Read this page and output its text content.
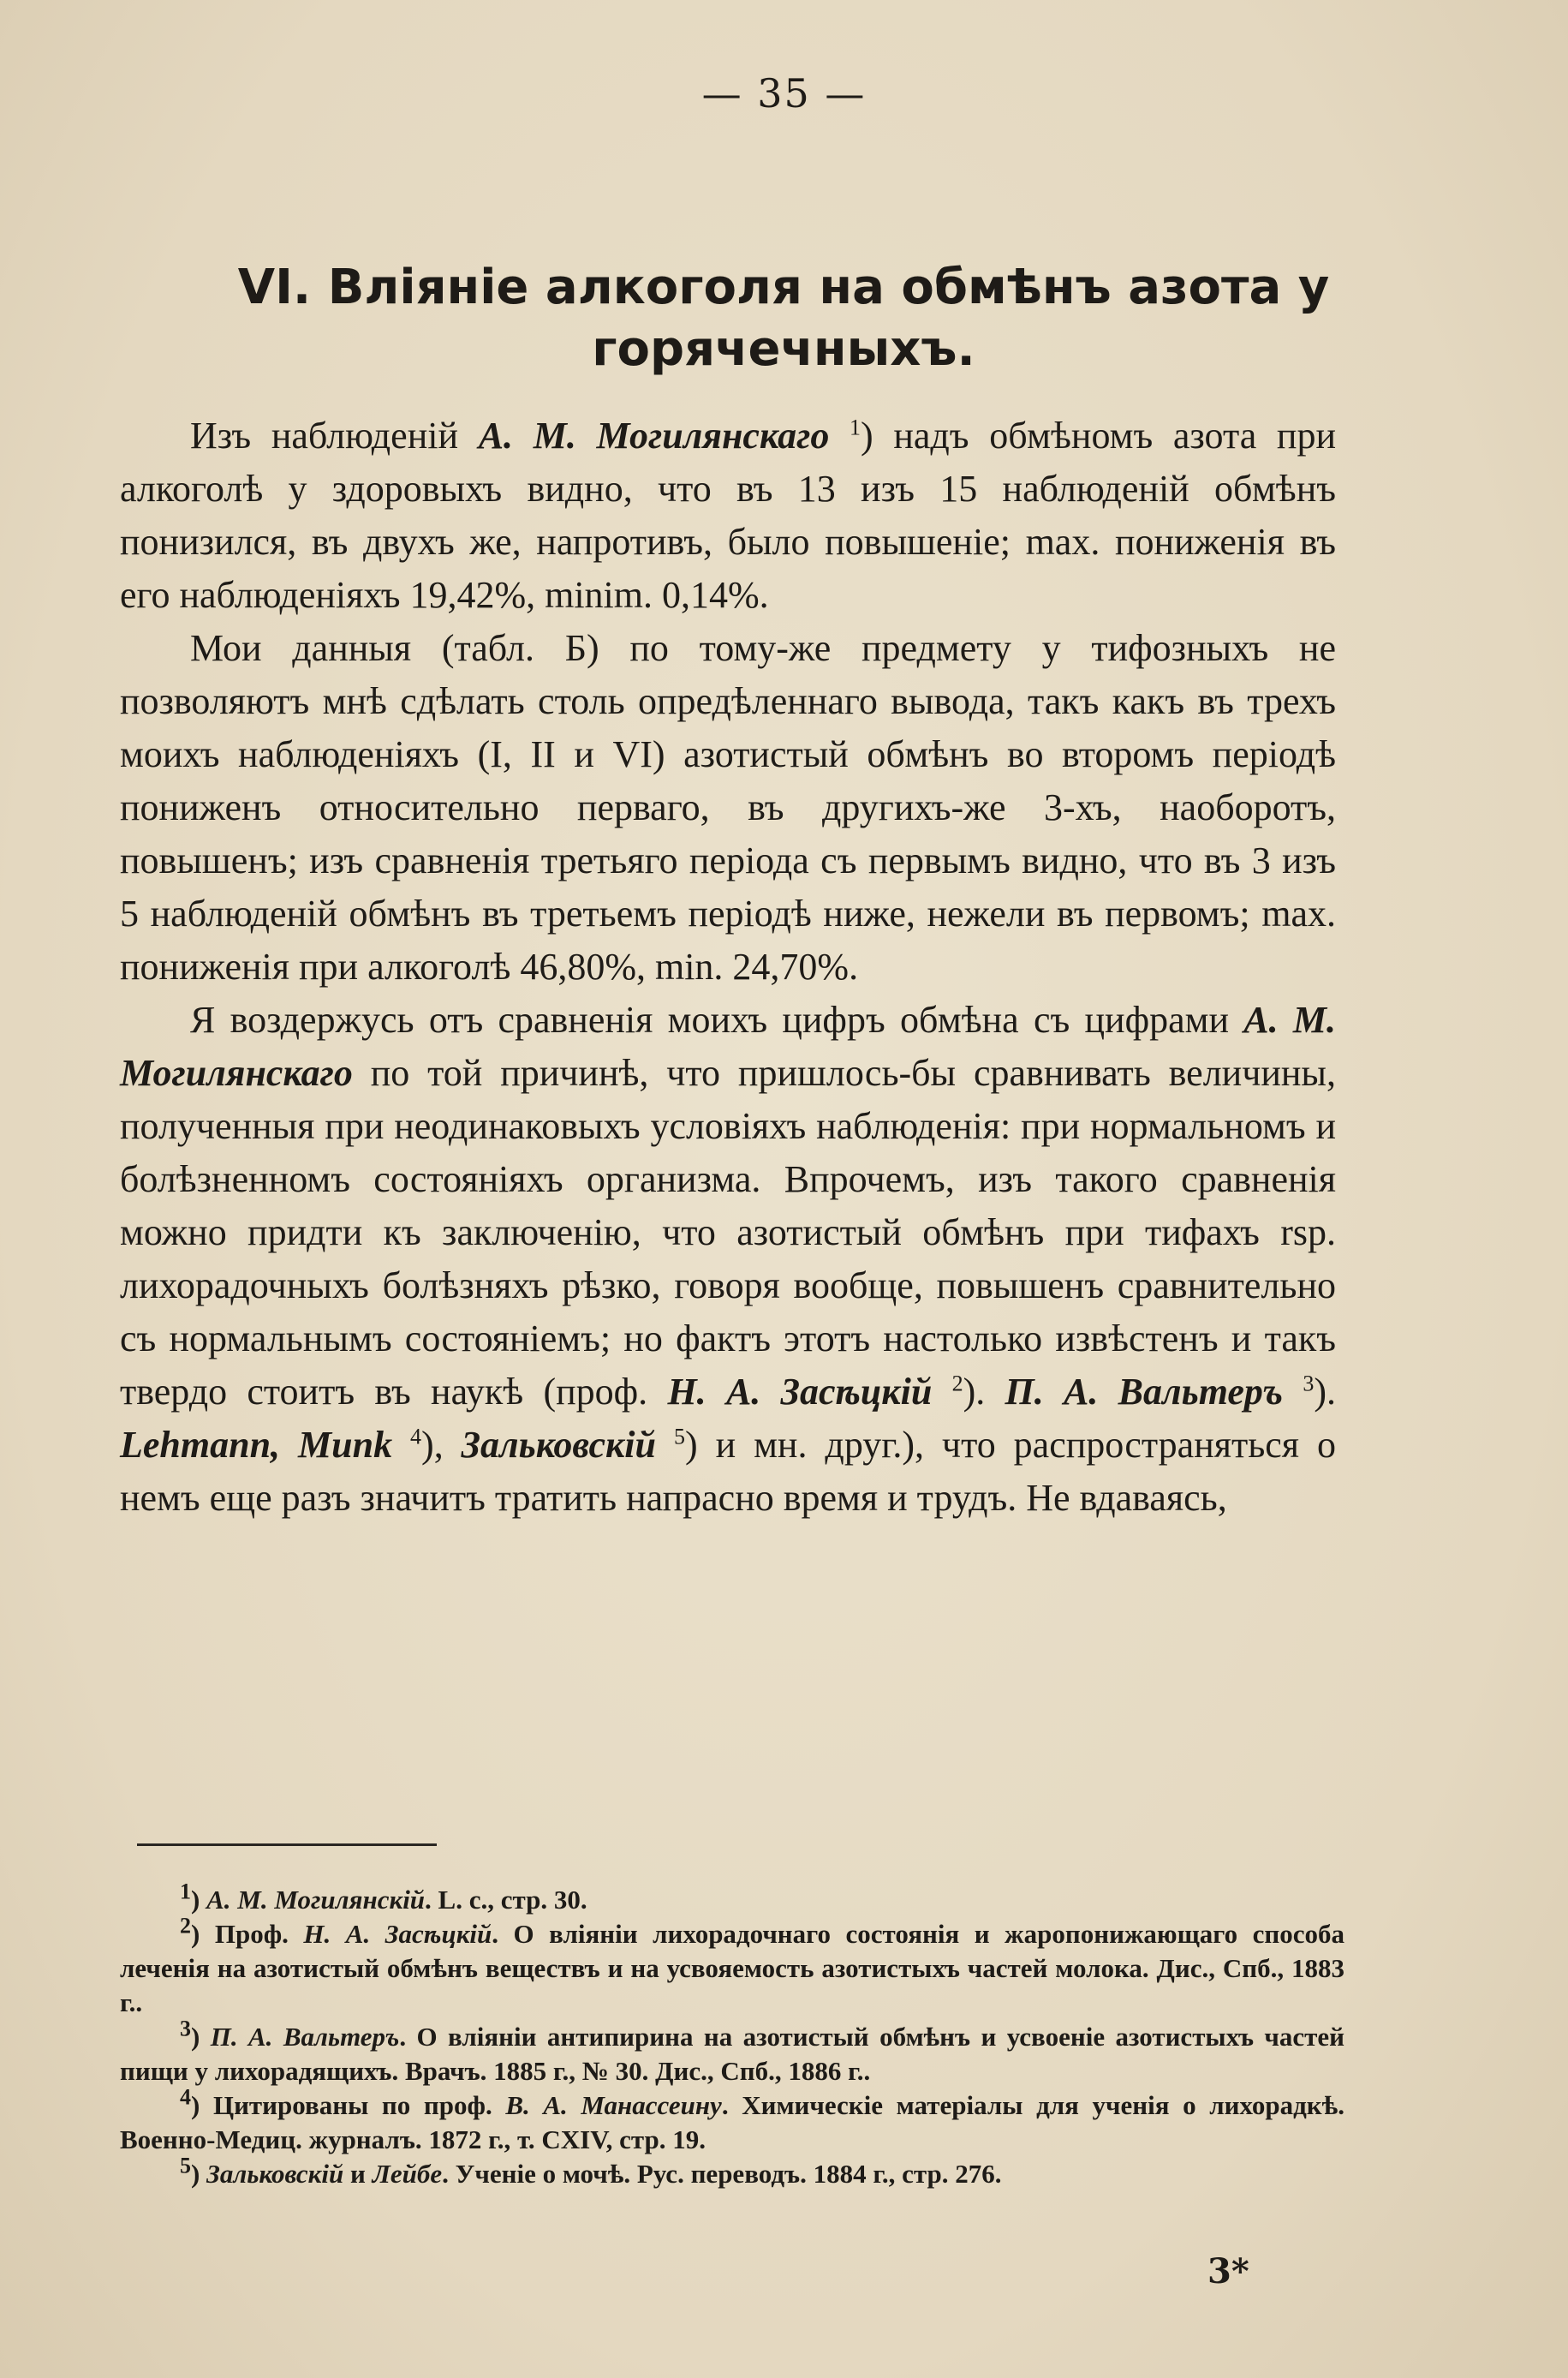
— 35 —
VI. Вліяніе алкоголя на обмѣнъ азота у
горячечныхъ.

Изъ наблюденій А. М. Могилянскаго $^1$) надъ обмѣномъ азота при алкоголѣ у здоровыхъ видно, что въ 13 изъ 15 наблюденій обмѣнъ понизился, въ двухъ же, напротивъ, было повышеніе; max. пониженія въ его наблюденіяхъ 19,42%, minim. 0,14%.

Мои данныя (табл. Б) по тому-же предмету у тифозныхъ не позволяютъ мнѣ сдѣлать столь опредѣленнаго вывода, такъ какъ въ трехъ моихъ наблюденіяхъ (I, II и VI) азотистый обмѣнъ во второмъ періодѣ пониженъ относительно перваго, въ другихъ-же 3-хъ, наоборотъ, повышенъ; изъ сравненія третьяго періода съ первымъ видно, что въ 3 изъ 5 наблюденій обмѣнъ въ третьемъ періодѣ ниже, нежели въ первомъ; max. пониженія при алкоголѣ 46,80%, min. 24,70%.

Я воздержусь отъ сравненія моихъ цифръ обмѣна съ цифрами А. М. Могилянскаго по той причинѣ, что пришлось-бы сравнивать величины, полученныя при неодинаковыхъ условіяхъ наблюденія: при нормальномъ и болѣзненномъ состояніяхъ организма. Впрочемъ, изъ такого сравненія можно придти къ заключенію, что азотистый обмѣнъ при тифахъ rsp. лихорадочныхъ болѣзняхъ рѣзко, говоря вообще, повышенъ сравнительно съ нормальнымъ состояніемъ; но фактъ этотъ настолько извѣстенъ и такъ твердо стоитъ въ наукѣ (проф. Н. А. Засѣцкій $^2$). П. А. Вальтеръ $^3$). Lehmann, Munk $^4$), Зальковскій $^5$) и мн. друг.), что распространяться о немъ еще разъ значитъ тратить напрасно время и трудъ. Не вдаваясь,

$^1$) А. М. Могилянскій. L. c., стр. 30.

$^2$) Проф. Н. А. Засѣцкій. О вліяніи лихорадочнаго состоянія и жаропонижающаго способа леченія на азотистый обмѣнъ веществъ и на усвояемость азотистыхъ частей молока. Дис., Спб., 1883 г..

$^3$) П. А. Вальтеръ. О вліяніи антипирина на азотистый обмѣнъ и усвоеніе азотистыхъ частей пищи у лихорадящихъ. Врачъ. 1885 г., № 30. Дис., Спб., 1886 г..

$^4$) Цитированы по проф. В. А. Манассеину. Химическіе матеріалы для ученія о лихорадкѣ. Военно-Медиц. журналъ. 1872 г., т. CXIV, стр. 19.

$^5$) Зальковскій и Лейбе. Ученіе о мочѣ. Рус. переводъ. 1884 г., стр. 276.

3*
